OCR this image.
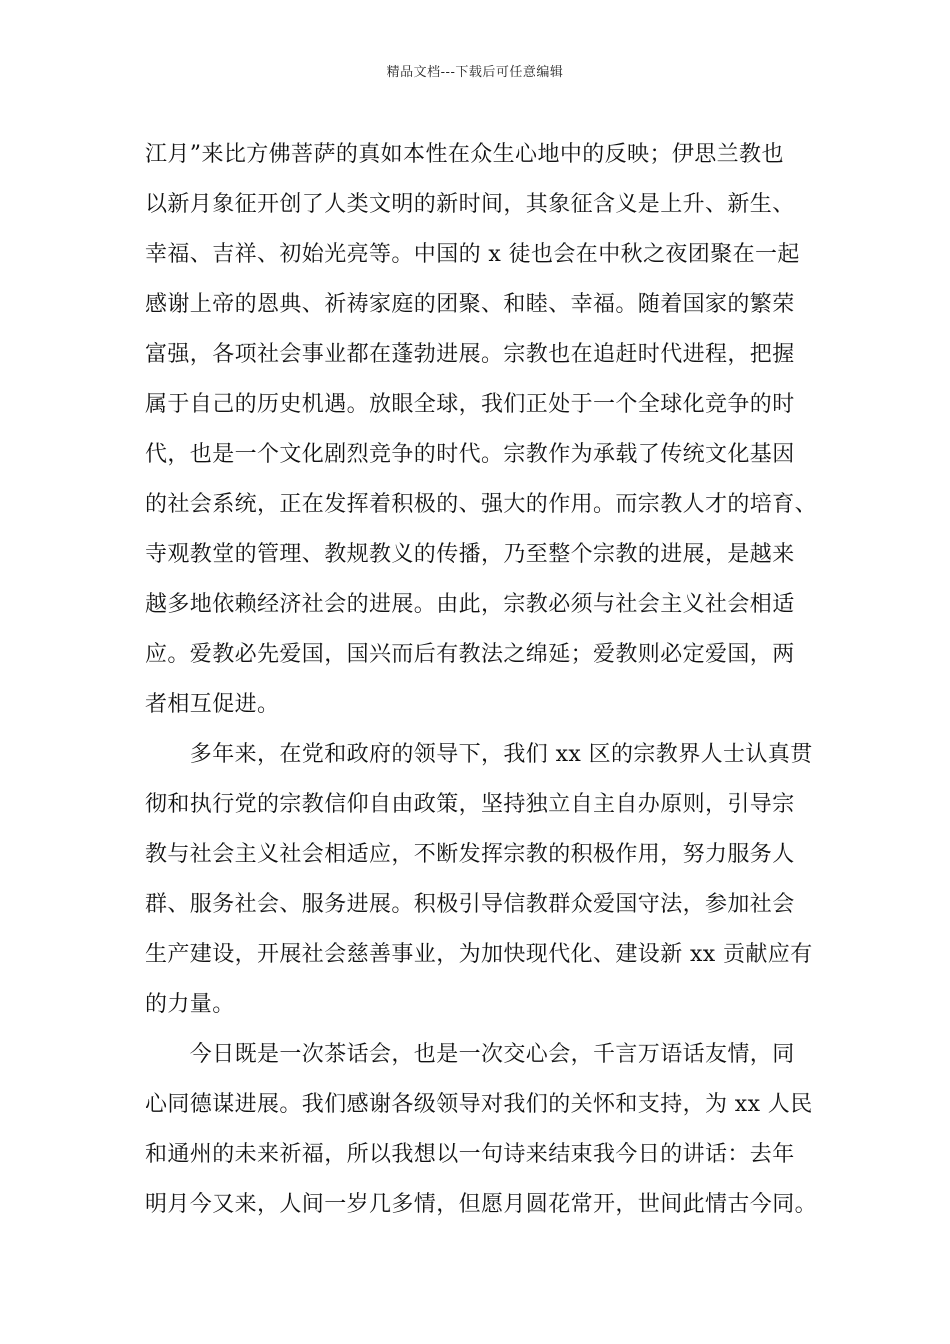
精品文档---下载后可任意编辑
江月”来比方佛菩萨的真如本性在众生心地中的反映；伊思兰教也
以新月象征开创了人类文明的新时间，其象征含义是上升、新生、
幸福、吉祥、初始光亮等。中国的 x 徒也会在中秋之夜团聚在一起
感谢上帝的恩典、祈祷家庭的团聚、和睦、幸福。随着国家的繁荣
富强，各项社会事业都在蓬勃进展。宗教也在追赶时代进程，把握
属于自己的历史机遇。放眼全球，我们正处于一个全球化竞争的时
代，也是一个文化剧烈竞争的时代。宗教作为承载了传统文化基因
的社会系统，正在发挥着积极的、强大的作用。而宗教人才的培育、
寺观教堂的管理、教规教义的传播，乃至整个宗教的进展，是越来
越多地依赖经济社会的进展。由此，宗教必须与社会主义社会相适
应。爱教必先爱国，国兴而后有教法之绵延；爱教则必定爱国，两
者相互促进。
　　多年来，在党和政府的领导下，我们 xx 区的宗教界人士认真贯
彻和执行党的宗教信仰自由政策，坚持独立自主自办原则，引导宗
教与社会主义社会相适应，不断发挥宗教的积极作用，努力服务人
群、服务社会、服务进展。积极引导信教群众爱国守法，参加社会
生产建设，开展社会慈善事业，为加快现代化、建设新 xx 贡献应有
的力量。
　　今日既是一次茶话会，也是一次交心会，千言万语话友情，同
心同德谋进展。我们感谢各级领导对我们的关怀和支持，为 xx 人民
和通州的未来祈福，所以我想以一句诗来结束我今日的讲话：去年
明月今又来，人间一岁几多情，但愿月圆花常开，世间此情古今同。
